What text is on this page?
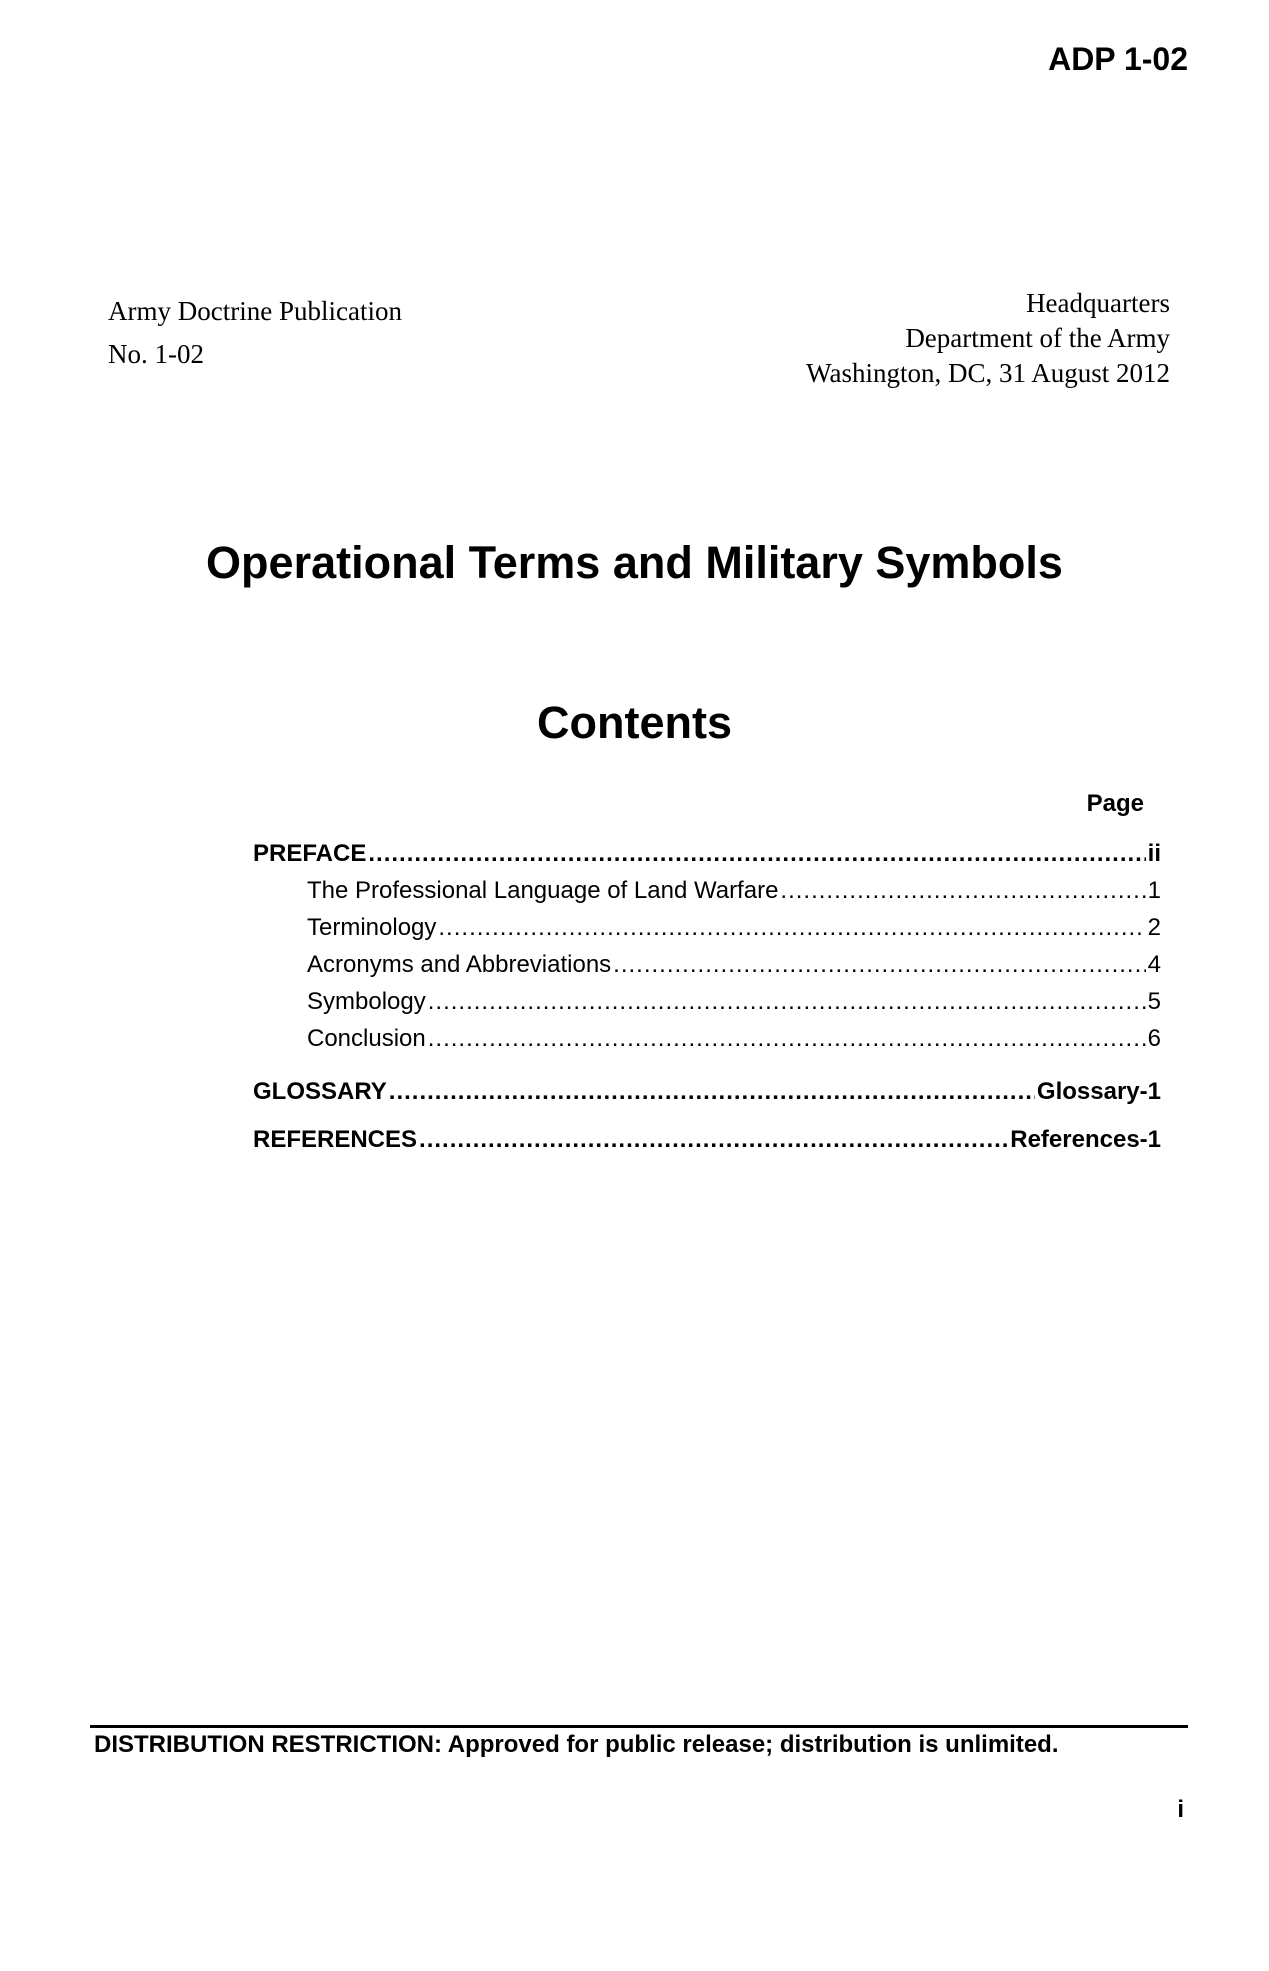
ADP 1-02
Army Doctrine Publication
No. 1-02
Headquarters
Department of the Army
Washington, DC, 31 August 2012
Operational Terms and Military Symbols
Contents
Page
PREFACE .....	ii
The Professional Language of Land Warfare .....	1
Terminology .....	2
Acronyms and Abbreviations .....	4
Symbology .....	5
Conclusion .....	6
GLOSSARY .....	Glossary-1
REFERENCES .....	References-1
DISTRIBUTION RESTRICTION: Approved for public release; distribution is unlimited.
i
